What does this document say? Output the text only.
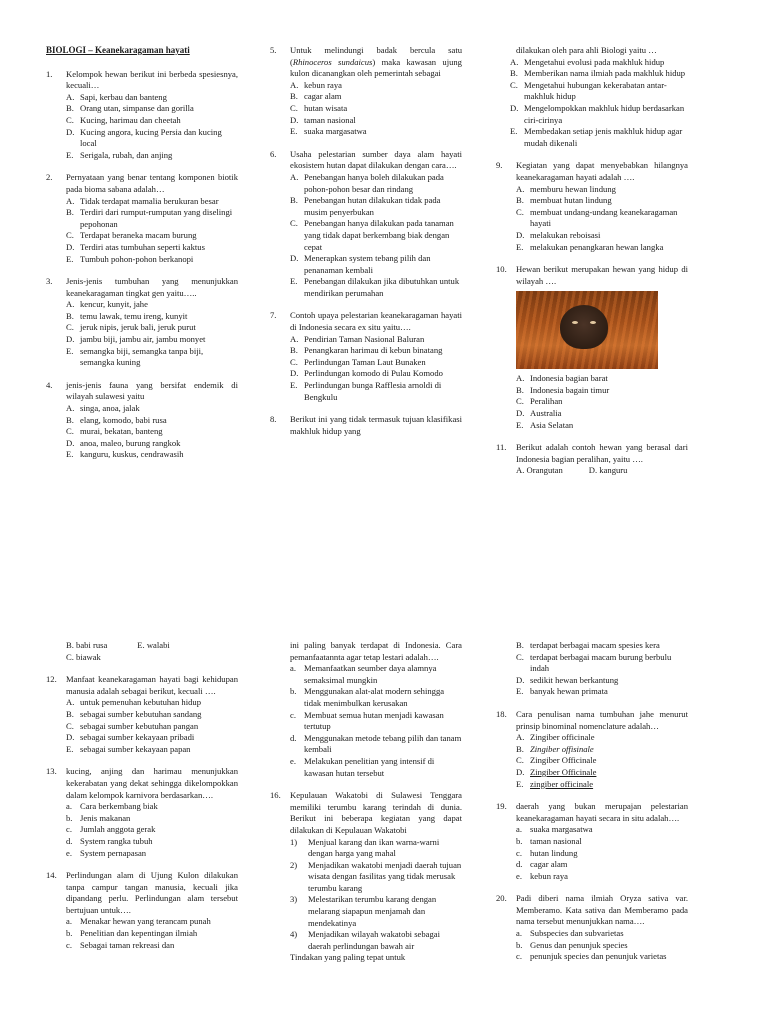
BIOLOGI – Keanekaragaman hayati
1.	Kelompok hewan berikut ini berbeda spesiesnya, kecuali…
A. Sapi, kerbau dan banteng
B. Orang utan, simpanse dan gorilla
C. Kucing, harimau dan cheetah
D. Kucing angora, kucing Persia dan kucing local
E. Serigala, rubah, dan anjing
2.	Pernyataan yang benar tentang komponen biotik pada bioma sabana adalah…
A. Tidak terdapat mamalia berukuran besar
B. Terdiri dari rumput-rumputan yang diselingi pepohonan
C. Terdapat beraneka macam burung
D. Terdiri atas tumbuhan seperti kaktus
E. Tumbuh pohon-pohon berkanopi
3.	Jenis-jenis tumbuhan yang menunjukkan keanekaragaman tingkat gen yaitu…..
A. kencur, kunyit, jahe
B. temu lawak, temu ireng, kunyit
C. jeruk nipis, jeruk bali, jeruk purut
D. jambu biji, jambu air, jambu monyet
E. semangka biji, semangka tanpa biji, semangka kuning
4.	jenis-jenis fauna yang bersifat endemik di wilayah sulawesi yaitu
A. singa, anoa, jalak
B. elang, komodo, babi rusa
C. murai, bekatan, banteng
D. anoa, maleo, burung rangkok
E. kanguru, kuskus, cendrawasih
5.	Untuk melindungi badak bercula satu (Rhinoceros sundaicus) maka kawasan ujung kulon dicanangkan oleh pemerintah sebagai
A. kebun raya
B. cagar alam
C. hutan wisata
D. taman nasional
E. suaka margasatwa
6.	Usaha pelestarian sumber daya alam hayati ekosistem hutan dapat dilakukan dengan cara….
A. Penebangan hanya boleh dilakukan pada pohon-pohon besar dan rindang
B. Penebangan hutan dilakukan tidak pada musim penyerbukan
C. Penebangan hanya dilakukan pada tanaman yang tidak dapat berkembang biak dengan cepat
D. Menerapkan system tebang pilih dan penanaman kembali
E. Penebangan dilakukan jika dibutuhkan untuk mendirikan perumahan
7.	Contoh upaya pelestarian keanekaragaman hayati di Indonesia secara ex situ yaitu….
A. Pendirian Taman Nasional Baluran
B. Penangkaran harimau di kebun binatang
C. Perlindungan Taman Laut Bunaken
D. Perlindungan komodo di Pulau Komodo
E. Perlindungan bunga Rafflesia arnoldi di Bengkulu
8.	Berikut ini yang tidak termasuk tujuan klasifikasi makhluk hidup yang
dilakukan oleh para ahli Biologi yaitu …
A. Mengetahui evolusi pada makhluk hidup
B. Memberikan nama ilmiah pada makhluk hidup
C. Mengetahui hubungan kekerabatan antar-makhluk hidup
D. Mengelompokkan makhluk hidup berdasarkan ciri-cirinya
E. Membedakan setiap jenis makhluk hidup agar mudah dikenali
9.	Kegiatan yang dapat menyebabkan hilangnya keanekaragaman hayati adalah ….
A. memburu hewan lindung
B. membuat hutan lindung
C. membuat undang-undang keanekaragaman hayati
D. melakukan reboisasi
E. melakukan penangkaran hewan langka
10.	Hewan berikut merupakan hewan yang hidup di wilayah ….
A. Indonesia bagian barat
B. Indonesia bagain timur
C. Peralihan
D. Australia
E. Asia Selatan
11.	Berikut adalah contoh hewan yang berasal dari Indonesia bagian peralihan, yaitu ….
A. Orangutan	D. kanguru
B. babi rusa	E. walabi
C. biawak
12.	Manfaat keanekaragaman hayati bagi kehidupan manusia adalah sebagai berikut, kecuali ….
A. untuk pemenuhan kebutuhan hidup
B. sebagai sumber kebutuhan sandang
C. sebagai sumber kebutuhan pangan
D. sebagai sumber kekayaan pribadi
E. sebagai sumber kekayaan papan
13.	kucing, anjing dan harimau menunjukkan kekerabatan yang dekat sehingga dikelompokkan dalam kelompok karnivora berdasarkan….
a. Cara berkembang biak
b. Jenis makanan
c. Jumlah anggota gerak
d. System rangka tubuh
e. System pernapasan
14.	Perlindungan alam di Ujung Kulon dilakukan tanpa campur tangan manusia, kecuali jika dipandang perlu. Perlindungan alam tersebut bertujuan untuk….
a. Menakar hewan yang terancam punah
b. Penelitian dan kepentingan ilmiah
c. Sebagai taman rekreasi dan
ini paling banyak terdapat di Indonesia. Cara pemanfaatannta agar tetap lestari adalah….
a. Memanfaatkan seumber daya alamnya semaksimal mungkin
b. Menggunakan alat-alat modern sehingga tidak menimbulkan kerusakan
c. Membuat semua hutan menjadi kawasan tertutup
d. Menggunakan metode tebang pilih dan tanam kembali
e. Melakukan penelitian yang intensif di kawasan hutan tersebut
16.	Kepulauan Wakatobi di Sulawesi Tenggara memiliki terumbu karang terindah di dunia. Berikut ini beberapa kegiatan yang dapat dilakukan di Kepulauan Wakatobi
1)	Menjual karang dan ikan warna-warni dengan harga yang mahal
2)	Menjadikan wakatobi menjadi daerah tujuan wisata dengan fasilitas yang tidak merusak terumbu karang
3)	Melestarikan terumbu karang dengan melarang siapapun menjamah dan mendekatinya
4)	Menjadikan wilayah wakatobi sebagai daerah perlindungan bawah air
Tindakan yang paling tepat untuk
B. terdapat berbagai macam spesies kera
C. terdapat berbagai macam burung berbulu indah
D. sedikit hewan berkantung
E. banyak hewan primata
18.	Cara penulisan nama tumbuhan jahe menurut prinsip binominal nomenclature adalah…
A. Zingiber officinale
B. Zingiber offisinale
C. Zingiber Officinale
D. Zingiber Officinale
E. zingiber officinale
19.	daerah yang bukan merupajan pelestarian keanekaragaman hayati secara in situ adalah….
a. suaka margasatwa
b. taman nasional
c. hutan lindung
d. cagar alam
e. kebun raya
20.	Padi diberi nama ilmiah Oryza sativa var. Memberamo. Kata sativa dan Memberamo pada nama tersebut menunjukkan nama….
a. Subspecies dan subvarietas
b. Genus dan penunjuk species
c. penunjuk species dan penunjuk varietas
